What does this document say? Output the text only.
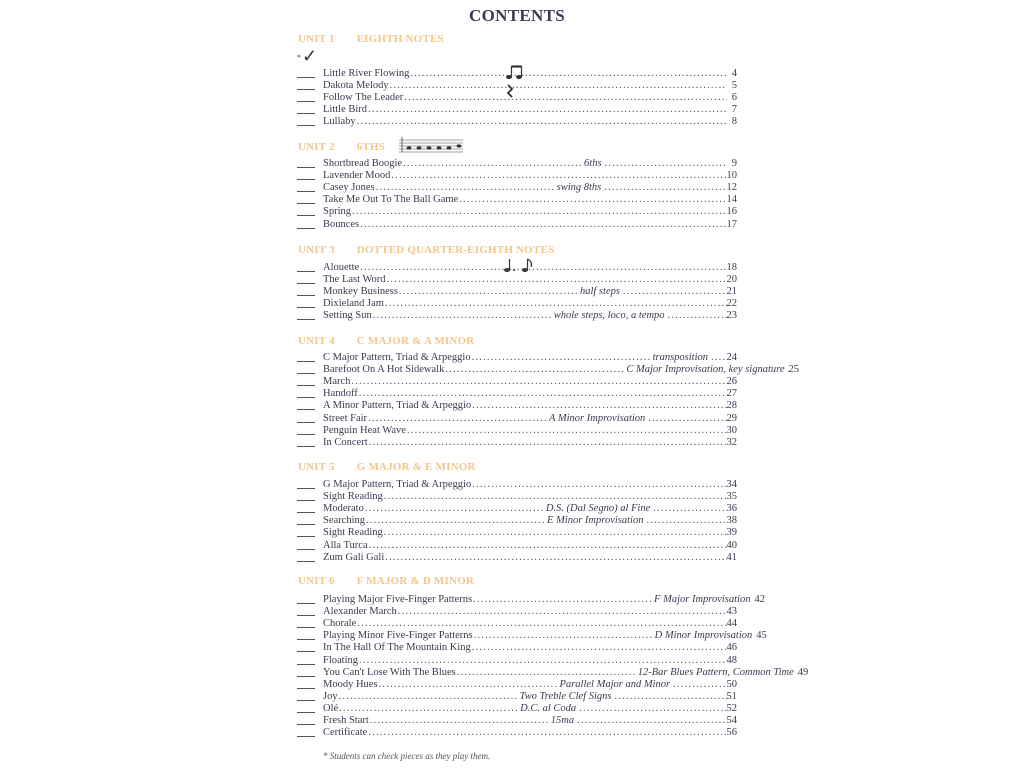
CONTENTS
* ✓
UNIT 1 EIGHTH NOTES
Little River Flowing .....	4
Dakota Melody .....	5
Follow The Leader .....	6
Little Bird .....	7
Lullaby .....	8
UNIT 2 6THS
Shortbread Boogie .....	6ths .....	9
Lavender Mood .....	10
Casey Jones .....	swing 8ths .....	12
Take Me Out To The Ball Game .....	14
Spring .....	16
Bounces .....	17
UNIT 3 DOTTED QUARTER-EIGHTH NOTES
Alouette .....	18
The Last Word .....	20
Monkey Business .....	half steps .....	21
Dixieland Jam .....	22
Setting Sun .....	whole steps, loco, a tempo .....	23
UNIT 4 C MAJOR & A MINOR
C Major Pattern, Triad & Arpeggio .....	transposition ..... 24
Barefoot On A Hot Sidewalk .....	C Major Improvisation, key signature ..... 25
March .....	26
Handoff .....	27
A Minor Pattern, Triad & Arpeggio .....	28
Street Fair .....	A Minor Improvisation .....	29
Penguin Heat Wave .....	30
In Concert .....	32
UNIT 5 G MAJOR & E MINOR
G Major Pattern, Triad & Arpeggio .....	34
Sight Reading .....	35
Moderato .....	D.S. (Dal Segno) al Fine .....	36
Searching .....	E Minor Improvisation .....	38
Sight Reading .....	39
Alla Turca .....	40
Zum Gali Gali .....	41
UNIT 6 F MAJOR & D MINOR
Playing Major Five-Finger Patterns .....	F Major Improvisation ..... 42
Alexander March .....	43
Chorale .....	44
Playing Minor Five-Finger Patterns .....	D Minor Improvisation ..... 45
In The Hall Of The Mountain King .....	46
Floating .....	48
You Can't Lose With The Blues .....	12-Bar Blues Pattern, Common Time ..... 49
Moody Hues .....	Parallel Major and Minor .....	50
Joy .....	Two Treble Clef Signs .....	51
Olé .....	D.C. al Coda .....	52
Fresh Start .....	15ma .....	54
Certificate .....	56
* Students can check pieces as they play them.
